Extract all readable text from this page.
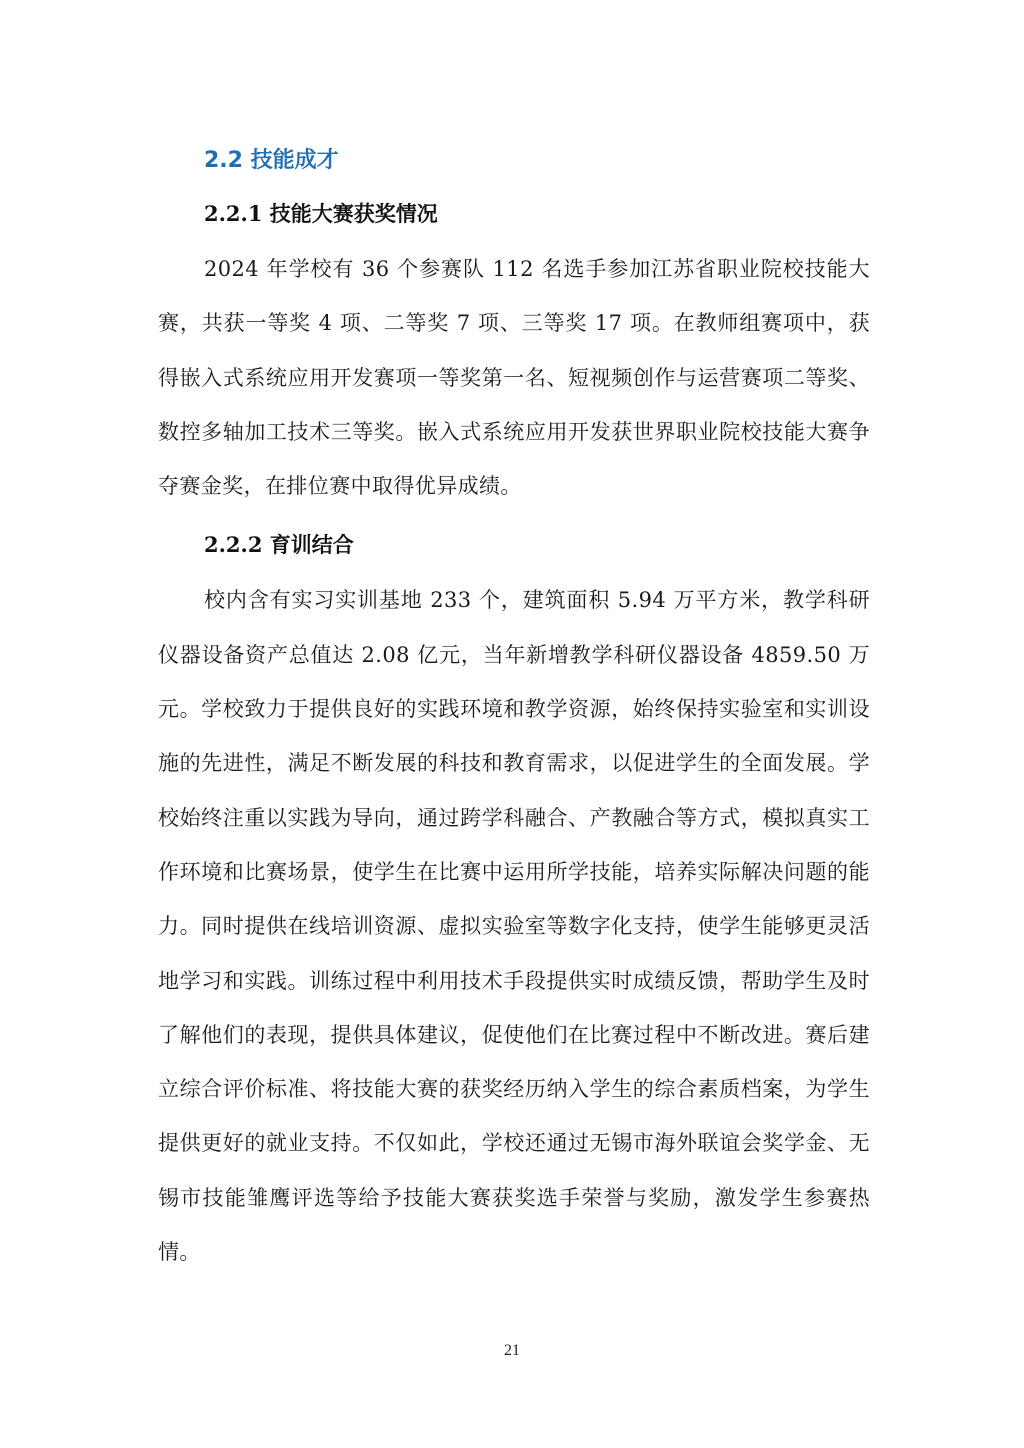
2.2 技能成才
2.2.1 技能大赛获奖情况

2024 年学校有 36 个参赛队 112 名选手参加江苏省职业院校技能大赛，共获一等奖 4 项、二等奖 7 项、三等奖 17 项。在教师组赛项中，获得嵌入式系统应用开发赛项一等奖第一名、短视频创作与运营赛项二等奖、数控多轴加工技术三等奖。嵌入式系统应用开发获世界职业院校技能大赛争夺赛金奖，在排位赛中取得优异成绩。

2.2.2 育训结合

校内含有实习实训基地 233 个，建筑面积 5.94 万平方米，教学科研仪器设备资产总值达 2.08 亿元，当年新增教学科研仪器设备 4859.50 万元。学校致力于提供良好的实践环境和教学资源，始终保持实验室和实训设施的先进性，满足不断发展的科技和教育需求，以促进学生的全面发展。学校始终注重以实践为导向，通过跨学科融合、产教融合等方式，模拟真实工作环境和比赛场景，使学生在比赛中运用所学技能，培养实际解决问题的能力。同时提供在线培训资源、虚拟实验室等数字化支持，使学生能够更灵活地学习和实践。训练过程中利用技术手段提供实时成绩反馈，帮助学生及时了解他们的表现，提供具体建议，促使他们在比赛过程中不断改进。赛后建立综合评价标准、将技能大赛的获奖经历纳入学生的综合素质档案，为学生提供更好的就业支持。不仅如此，学校还通过无锡市海外联谊会奖学金、无锡市技能雏鹰评选等给予技能大赛获奖选手荣誉与奖励，激发学生参赛热情。

21
